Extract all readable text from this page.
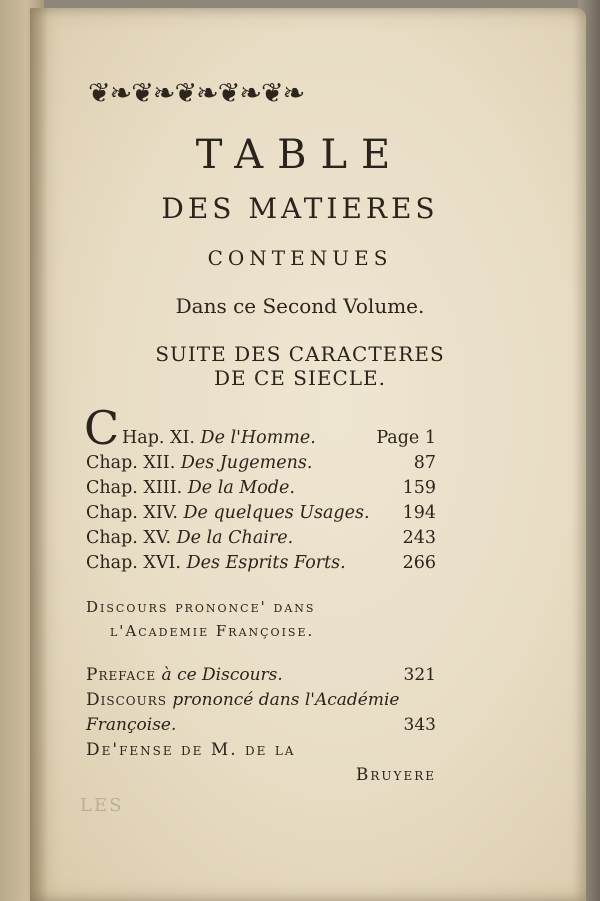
❦❧❦❧❦❧❦❧❦❧
TABLE
DES MATIERES
CONTENUES
Dans ce Second Volume.
SUITE DES CARACTERES
DE CE SIECLE.
C Hap. XI. De l'Homme.	Page 1
Chap. XII. Des Jugemens.	87
Chap. XIII. De la Mode.	159
Chap. XIV. De quelques Usages. 194
Chap. XV. De la Chaire.	243
Chap. XVI. Des Esprits Forts.	266
Discours prononce' dans
l'Academie Françoise.
Preface à ce Discours.	321
Discours prononcé dans l'Académie
Françoise.	343
De'fense de M. de la
Bruyere
LES
